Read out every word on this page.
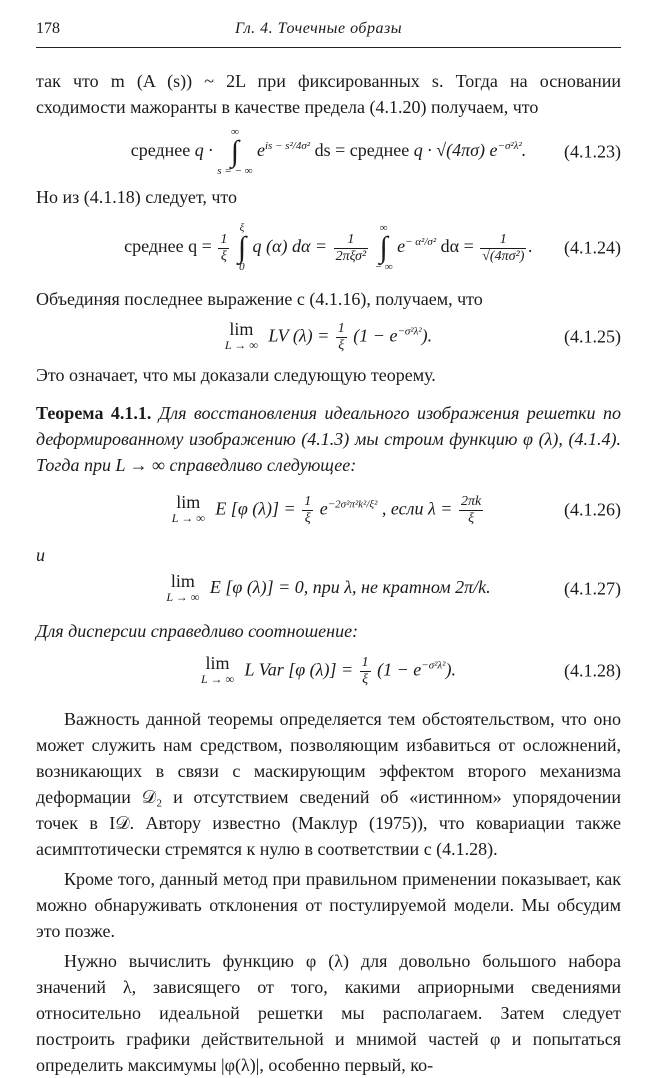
178	Гл. 4. Точечные образы

так что m (A (s)) ~ 2L при фиксированных s. Тогда на основании сходимости мажоранты в качестве предела (4.1.20) получаем, что

среднее q ·
∞
∫
s = − ∞
$e^{is - s^2/4\sigma^2}$ ds = среднее q · √(4πσ) $e^{-\sigma^2\lambda^2}$. (4.1.23)

Но из (4.1.18) следует, что

среднее $q = \frac{1}{\xi}$

ξ
∫
0
q (α) $d\alpha = \frac{1}{\text{2πξσ²}}$

∞
∫
− ∞
$e^{- \alpha^2/\sigma^2}$ $d\alpha = \frac{1}{\text{√(4πσ²)}}$ . (4.1.24)

Объединяя последнее выражение с (4.1.16), получаем, что

lim
L → ∞ LV $(\lambda) = \frac{1}{\xi} (1 - e^{-\sigma^2\lambda^2})$.	(4.1.25)

Это означает, что мы доказали следующую теорему.

Теорема 4.1.1. Для восстановления идеального изображения решетки по деформированному изображению (4.1.3) мы строим функцию φ (λ), (4.1.4). Тогда при L → ∞ справедливо следующее:

lim
L → ∞ E [φ $(\lambda)] = \frac{1}{\xi} e^{-2\sigma^2\pi^2k^2/\xi^2}$ , если $\lambda = \frac{2\pi k}{\xi}$	(4.1.26)

и

lim
L → ∞ E [φ (λ)] = 0, при λ, не кратном 2π/k.	(4.1.27)

Для дисперсии справедливо соотношение:

lim
L → ∞ L Var [φ $(\lambda)] = \frac{1}{\xi} (1 - e^{-\sigma^2\lambda^2})$.	(4.1.28)

Важность данной теоремы определяется тем обстоятельством, что оно может служить нам средством, позволяющим избавиться от осложнений, возникающих в связи с маскирующим эффектом второго механизма деформации 𝒟₂ и отсутствием сведений об «истинном» упорядочении точек в I𝒟. Автору известно (Маклур (1975)), что ковариации также асимптотически стремятся к нулю в соответствии с (4.1.28).

Кроме того, данный метод при правильном применении показывает, как можно обнаруживать отклонения от постулируемой модели. Мы обсудим это позже.

Нужно вычислить функцию φ (λ) для довольно большого набора значений λ, зависящего от того, какими априорными сведениями относительно идеальной решетки мы располагаем. Затем следует построить графики действительной и мнимой частей φ и попытаться определить максимумы |φ(λ)|, особенно первый, ко-
